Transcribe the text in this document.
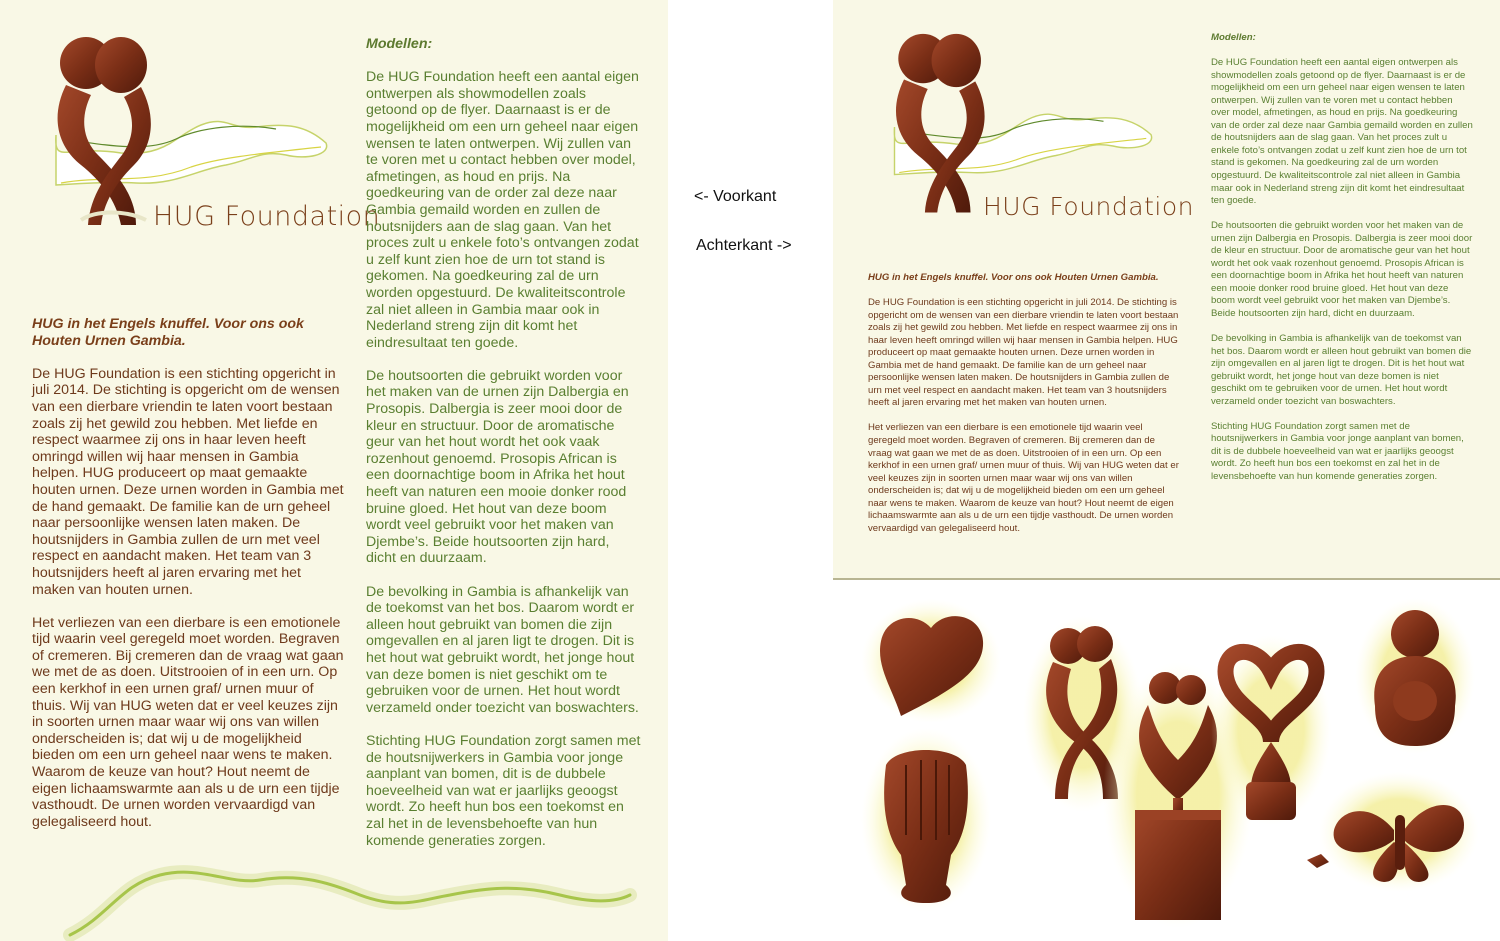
HUG Foundation

HUG in het Engels knuffel. Voor ons ook Houten Urnen Gambia.

De HUG Foundation is een stichting opgericht in juli 2014. De stichting is opgericht om de wensen van een dierbare vriendin te laten voort bestaan zoals zij het gewild zou hebben. Met liefde en respect waarmee zij ons in haar leven heeft omringd willen wij haar mensen in Gambia helpen. HUG produceert op maat gemaakte houten urnen. Deze urnen worden in Gambia met de hand gemaakt. De familie kan de urn geheel naar persoonlijke wensen laten maken. De houtsnijders in Gambia zullen de urn met veel respect en aandacht maken. Het team van 3 houtsnijders heeft al jaren ervaring met het maken van houten urnen.

Het verliezen van een dierbare is een emotionele tijd waarin veel geregeld moet worden. Begraven of cremeren. Bij cremeren dan de vraag wat gaan we met de as doen. Uitstrooien of in een urn. Op een kerkhof in een urnen graf/ urnen muur of thuis. Wij van HUG weten dat er veel keuzes zijn in soorten urnen maar waar wij ons van willen onderscheiden is; dat wij u de mogelijkheid bieden om een urn geheel naar wens te maken. Waarom de keuze van hout? Hout neemt de eigen lichaamswarmte aan als u de urn een tijdje vasthoudt. De urnen worden vervaardigd van gelegaliseerd hout.

Modellen:

De HUG Foundation heeft een aantal eigen ontwerpen als showmodellen zoals getoond op de flyer. Daarnaast is er de mogelijkheid om een urn geheel naar eigen wensen te laten ontwerpen. Wij zullen van te voren met u contact hebben over model, afmetingen, as houd en prijs. Na goedkeuring van de order zal deze naar Gambia gemaild worden en zullen de houtsnijders aan de slag gaan. Van het proces zult u enkele foto’s ontvangen zodat u zelf kunt zien hoe de urn tot stand is gekomen. Na goedkeuring zal de urn worden opgestuurd. De kwaliteitscontrole zal niet alleen in Gambia maar ook in Nederland streng zijn dit komt het eindresultaat ten goede.

De houtsoorten die gebruikt worden voor het maken van de urnen zijn Dalbergia en Prosopis. Dalbergia is zeer mooi door de kleur en structuur. Door de aromatische geur van het hout wordt het ook vaak rozenhout genoemd. Prosopis African is een doornachtige boom in Afrika het hout heeft van naturen een mooie donker rood bruine gloed. Het hout van deze boom wordt veel gebruikt voor het maken van Djembe’s. Beide houtsoorten zijn hard, dicht en duurzaam.

De bevolking in Gambia is afhankelijk van de toekomst van het bos. Daarom wordt er alleen hout gebruikt van bomen die zijn omgevallen en al jaren ligt te drogen. Dit is het hout wat gebruikt wordt, het jonge hout van deze bomen is niet geschikt om te gebruiken voor de urnen. Het hout wordt verzameld onder toezicht van boswachters.

Stichting HUG Foundation zorgt samen met de houtsnijwerkers in Gambia voor jonge aanplant van bomen, dit is de dubbele hoeveelheid van wat er jaarlijks geoogst wordt. Zo heeft hun bos een toekomst en zal het in de levensbehoefte van hun komende generaties zorgen.

<- Voorkant
Achterkant ->
HUG Foundation

HUG in het Engels knuffel. Voor ons ook Houten Urnen Gambia.

De HUG Foundation is een stichting opgericht in juli 2014. De stichting is opgericht om de wensen van een dierbare vriendin te laten voort bestaan zoals zij het gewild zou hebben. Met liefde en respect waarmee zij ons in haar leven heeft omringd willen wij haar mensen in Gambia helpen. HUG produceert op maat gemaakte houten urnen. Deze urnen worden in Gambia met de hand gemaakt. De familie kan de urn geheel naar persoonlijke wensen laten maken. De houtsnijders in Gambia zullen de urn met veel respect en aandacht maken. Het team van 3 houtsnijders heeft al jaren ervaring met het maken van houten urnen.

Het verliezen van een dierbare is een emotionele tijd waarin veel geregeld moet worden. Begraven of cremeren. Bij cremeren dan de vraag wat gaan we met de as doen. Uitstrooien of in een urn. Op een kerkhof in een urnen graf/ urnen muur of thuis. Wij van HUG weten dat er veel keuzes zijn in soorten urnen maar waar wij ons van willen onderscheiden is; dat wij u de mogelijkheid bieden om een urn geheel naar wens te maken. Waarom de keuze van hout? Hout neemt de eigen lichaamswarmte aan als u de urn een tijdje vasthoudt. De urnen worden vervaardigd van gelegaliseerd hout.

Modellen:

De HUG Foundation heeft een aantal eigen ontwerpen als showmodellen zoals getoond op de flyer. Daarnaast is er de mogelijkheid om een urn geheel naar eigen wensen te laten ontwerpen. Wij zullen van te voren met u contact hebben over model, afmetingen, as houd en prijs. Na goedkeuring van de order zal deze naar Gambia gemaild worden en zullen de houtsnijders aan de slag gaan. Van het proces zult u enkele foto’s ontvangen zodat u zelf kunt zien hoe de urn tot stand is gekomen. Na goedkeuring zal de urn worden opgestuurd. De kwaliteitscontrole zal niet alleen in Gambia maar ook in Nederland streng zijn dit komt het eindresultaat ten goede.

De houtsoorten die gebruikt worden voor het maken van de urnen zijn Dalbergia en Prosopis. Dalbergia is zeer mooi door de kleur en structuur. Door de aromatische geur van het hout wordt het ook vaak rozenhout genoemd. Prosopis African is een doornachtige boom in Afrika het hout heeft van naturen een mooie donker rood bruine gloed. Het hout van deze boom wordt veel gebruikt voor het maken van Djembe’s.
Beide houtsoorten zijn hard, dicht en duurzaam.

De bevolking in Gambia is afhankelijk van de toekomst van het bos. Daarom wordt er alleen hout gebruikt van bomen die zijn omgevallen en al jaren ligt te drogen. Dit is het hout wat gebruikt wordt, het jonge hout van deze bomen is niet geschikt om te gebruiken voor de urnen. Het hout wordt verzameld onder toezicht van boswachters.

Stichting HUG Foundation zorgt samen met de houtsnijwerkers in Gambia voor jonge aanplant van bomen, dit is de dubbele hoeveelheid van wat er jaarlijks geoogst wordt. Zo heeft hun bos een toekomst en zal het in de levensbehoefte van hun komende generaties zorgen.
